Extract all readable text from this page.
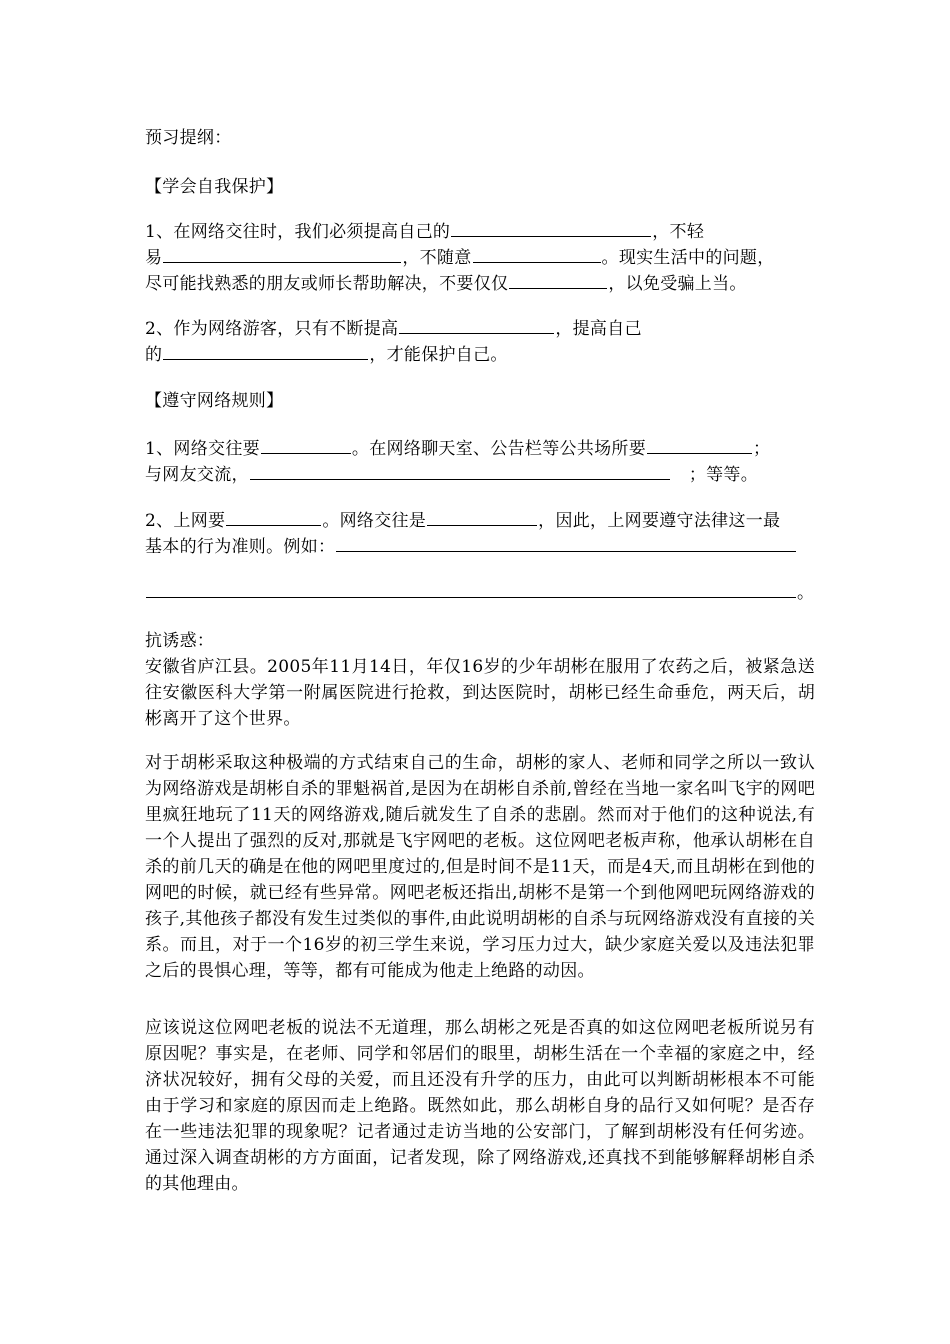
预习提纲：
【学会自我保护】
1、在网络交往时，我们必须提高自己的	，不轻
易	，不随意	。现实生活中的问题，
尽可能找熟悉的朋友或师长帮助解决，不要仅仅	，以免受骗上当。
2、作为网络游客，只有不断提高	，提高自己
的	，才能保护自己。
【遵守网络规则】
1、网络交往要	。在网络聊天室、公告栏等公共场所要	；
与网友交流，	；等等。
2、上网要	。网络交往是	，因此，上网要遵守法律这一最
基本的行为准则。例如：
。
抗诱惑：
安徽省庐江县。2005年11月14日，年仅16岁的少年胡彬在服用了农药之后，被紧急送往安徽医科大学第一附属医院进行抢救，到达医院时，胡彬已经生命垂危，两天后，胡彬离开了这个世界。
对于胡彬采取这种极端的方式结束自己的生命，胡彬的家人、老师和同学之所以一致认为网络游戏是胡彬自杀的罪魁祸首,是因为在胡彬自杀前,曾经在当地一家名叫飞宇的网吧里疯狂地玩了11天的网络游戏,随后就发生了自杀的悲剧。然而对于他们的这种说法,有一个人提出了强烈的反对,那就是飞宇网吧的老板。这位网吧老板声称，他承认胡彬在自杀的前几天的确是在他的网吧里度过的,但是时间不是11天，而是4天,而且胡彬在到他的网吧的时候，就已经有些异常。网吧老板还指出,胡彬不是第一个到他网吧玩网络游戏的孩子,其他孩子都没有发生过类似的事件,由此说明胡彬的自杀与玩网络游戏没有直接的关系。而且，对于一个16岁的初三学生来说，学习压力过大，缺少家庭关爱以及违法犯罪之后的畏惧心理，等等，都有可能成为他走上绝路的动因。
应该说这位网吧老板的说法不无道理，那么胡彬之死是否真的如这位网吧老板所说另有原因呢？事实是，在老师、同学和邻居们的眼里，胡彬生活在一个幸福的家庭之中，经济状况较好，拥有父母的关爱，而且还没有升学的压力，由此可以判断胡彬根本不可能由于学习和家庭的原因而走上绝路。既然如此，那么胡彬自身的品行又如何呢？是否存在一些违法犯罪的现象呢？记者通过走访当地的公安部门，了解到胡彬没有任何劣迹。通过深入调查胡彬的方方面面，记者发现，除了网络游戏,还真找不到能够解释胡彬自杀的其他理由。
